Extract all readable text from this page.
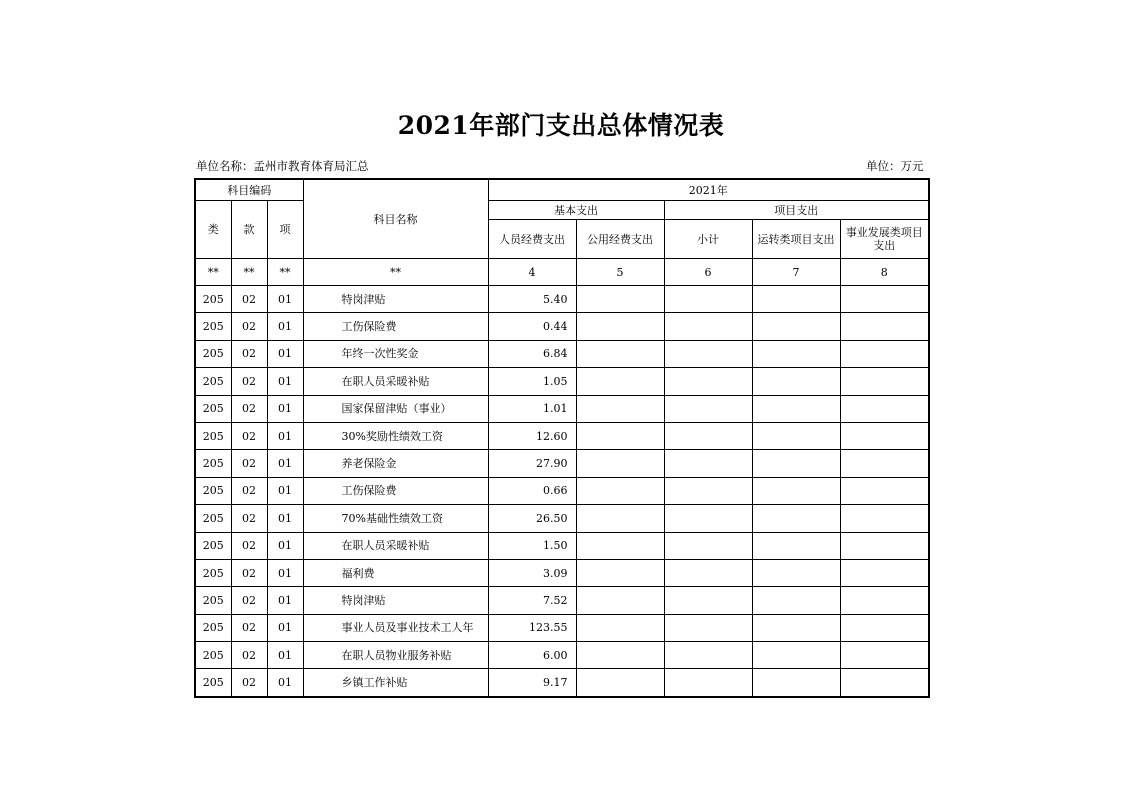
2021年部门支出总体情况表
单位名称：孟州市教育体育局汇总	单位：万元
科目编码			科目名称	2021年				
类	款	项		基本支出		项目支出		
				人员经费支出	公用经费支出	小计	运转类项目支出	事业发展类项目支出
**	**	**	**	4	5	6	7	8
205	02	01	特岗津贴	5.40				
205	02	01	工伤保险费	0.44				
205	02	01	年终一次性奖金	6.84				
205	02	01	在职人员采暖补贴	1.05				
205	02	01	国家保留津贴（事业）	1.01				
205	02	01	30%奖励性绩效工资	12.60				
205	02	01	养老保险金	27.90				
205	02	01	工伤保险费	0.66				
205	02	01	70%基础性绩效工资	26.50				
205	02	01	在职人员采暖补贴	1.50				
205	02	01	福利费	3.09				
205	02	01	特岗津贴	7.52				
205	02	01	事业人员及事业技术工人年	123.55				
205	02	01	在职人员物业服务补贴	6.00				
205	02	01	乡镇工作补贴	9.17				
